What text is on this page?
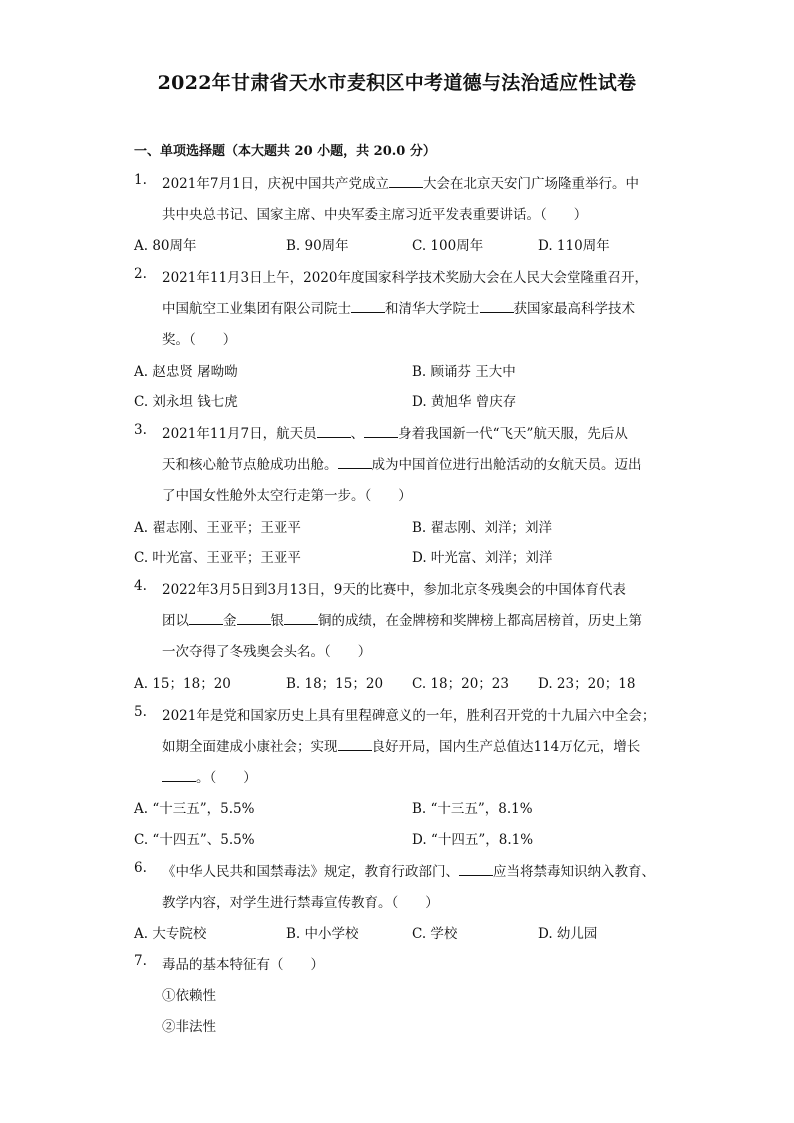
2022年甘肃省天水市麦积区中考道德与法治适应性试卷
一、单项选择题（本大题共 20 小题，共 20.0 分）
1. 2021年7月1日，庆祝中国共产党成立	大会在北京天安门广场隆重举行。中
共中央总书记、国家主席、中央军委主席习近平发表重要讲话。（　　）
A. 80周年	B. 90周年	C. 100周年	D. 110周年
2. 2021年11月3日上午，2020年度国家科学技术奖励大会在人民大会堂隆重召开，
中国航空工业集团有限公司院士	和清华大学院士	获国家最高科学技术
奖。（　　）
A. 赵忠贤 屠呦呦	B. 顾诵芬 王大中
C. 刘永坦 钱七虎	D. 黄旭华 曾庆存
3. 2021年11月7日，航天员	、	身着我国新一代“飞天”航天服，先后从
天和核心舱节点舱成功出舱。	成为中国首位进行出舱活动的女航天员。迈出
了中国女性舱外太空行走第一步。（　　）
A. 翟志刚、王亚平；王亚平	B. 翟志刚、刘洋；刘洋
C. 叶光富、王亚平；王亚平	D. 叶光富、刘洋；刘洋
4. 2022年3月5日到3月13日，9天的比赛中，参加北京冬残奥会的中国体育代表
团以	金	银	铜的成绩，在金牌榜和奖牌榜上都高居榜首，历史上第
一次夺得了冬残奥会头名。（　　）
A. 15；18；20	B. 18；15；20 C. 18；20；23 D. 23；20；18
5. 2021年是党和国家历史上具有里程碑意义的一年，胜利召开党的十九届六中全会；
如期全面建成小康社会；实现	良好开局，国内生产总值达114万亿元，增长
。（　　）
A. “十三五”，5.5%	B. “十三五”，8.1%
C. “十四五”、5.5%	D. “十四五”，8.1%
6. 《中华人民共和国禁毒法》规定，教育行政部门、	应当将禁毒知识纳入教育、
教学内容，对学生进行禁毒宣传教育。（　　）
A. 大专院校	B. 中小学校	C. 学校	D. 幼儿园
7. 毒品的基本特征有（　　）
①依赖性
②非法性
